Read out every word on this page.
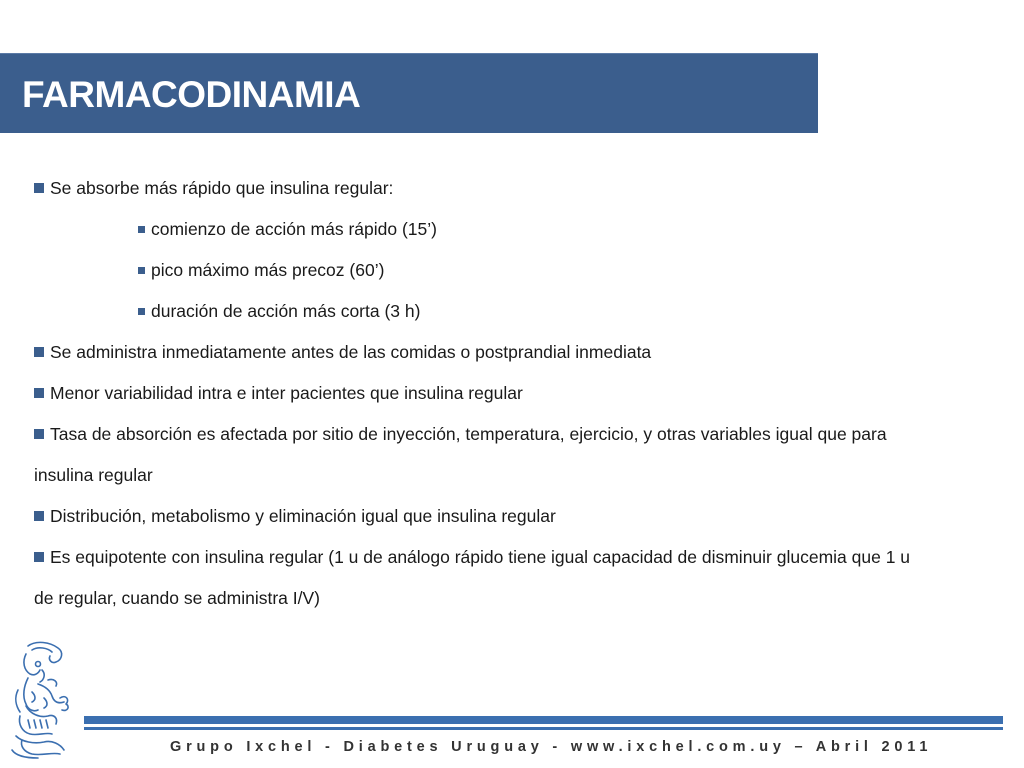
FARMACODINAMIA
Se absorbe más rápido que insulina regular:
comienzo de acción más rápido (15’)
pico máximo más precoz (60’)
duración de acción más corta (3 h)
Se administra inmediatamente antes de las comidas o postprandial inmediata
Menor variabilidad intra e inter pacientes que insulina regular
Tasa de absorción es afectada por sitio de inyección, temperatura, ejercicio, y otras variables igual que para
insulina regular
Distribución, metabolismo y eliminación igual que insulina regular
Es equipotente con insulina regular (1 u de análogo rápido tiene igual capacidad de disminuir glucemia que 1 u
de regular, cuando se administra I/V)
Grupo Ixchel - Diabetes Uruguay - www.ixchel.com.uy – Abril 2011
